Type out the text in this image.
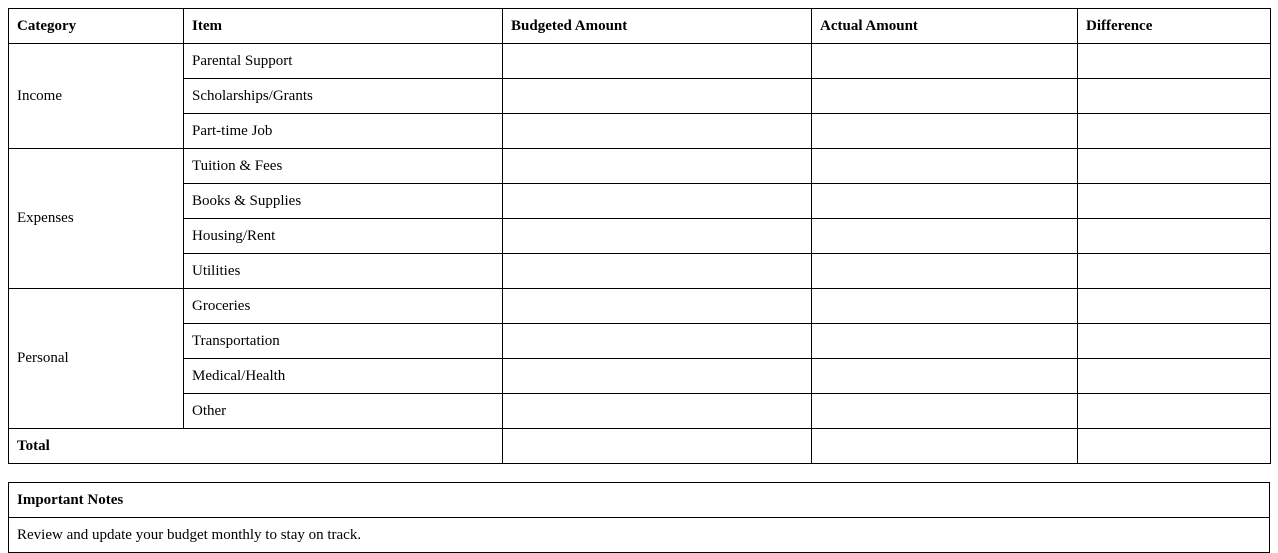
Category	Item	Budgeted Amount	Actual Amount	Difference
Income	Parental Support			
	Scholarships/Grants			
	Part-time Job			
Expenses	Tuition & Fees			
	Books & Supplies			
	Housing/Rent			
	Utilities			
Personal	Groceries			
	Transportation			
	Medical/Health			
	Other			
Total				
Important Notes
Review and update your budget monthly to stay on track.
